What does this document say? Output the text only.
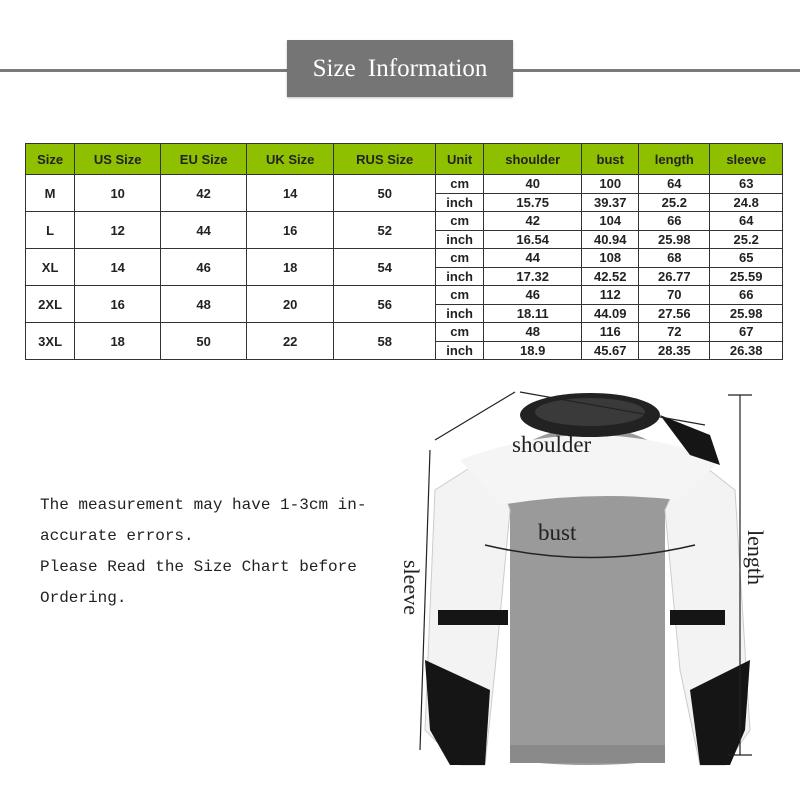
Size Information
Size	US Size	EU Size	UK Size	RUS Size	Unit	shoulder	bust	length	sleeve
M	10	42	14	50	cm	40	100	64	63
					inch	15.75	39.37	25.2	24.8
L	12	44	16	52	cm	42	104	66	64
					inch	16.54	40.94	25.98	25.2
XL	14	46	18	54	cm	44	108	68	65
					inch	17.32	42.52	26.77	25.59
2XL	16	48	20	56	cm	46	112	70	66
					inch	18.11	44.09	27.56	25.98
3XL	18	50	22	58	cm	48	116	72	67
					inch	18.9	45.67	28.35	26.38
The measurement may have 1-3cm in-
accurate errors.
Please Read the Size Chart before
Ordering.
shoulder
bust
sleeve
length
